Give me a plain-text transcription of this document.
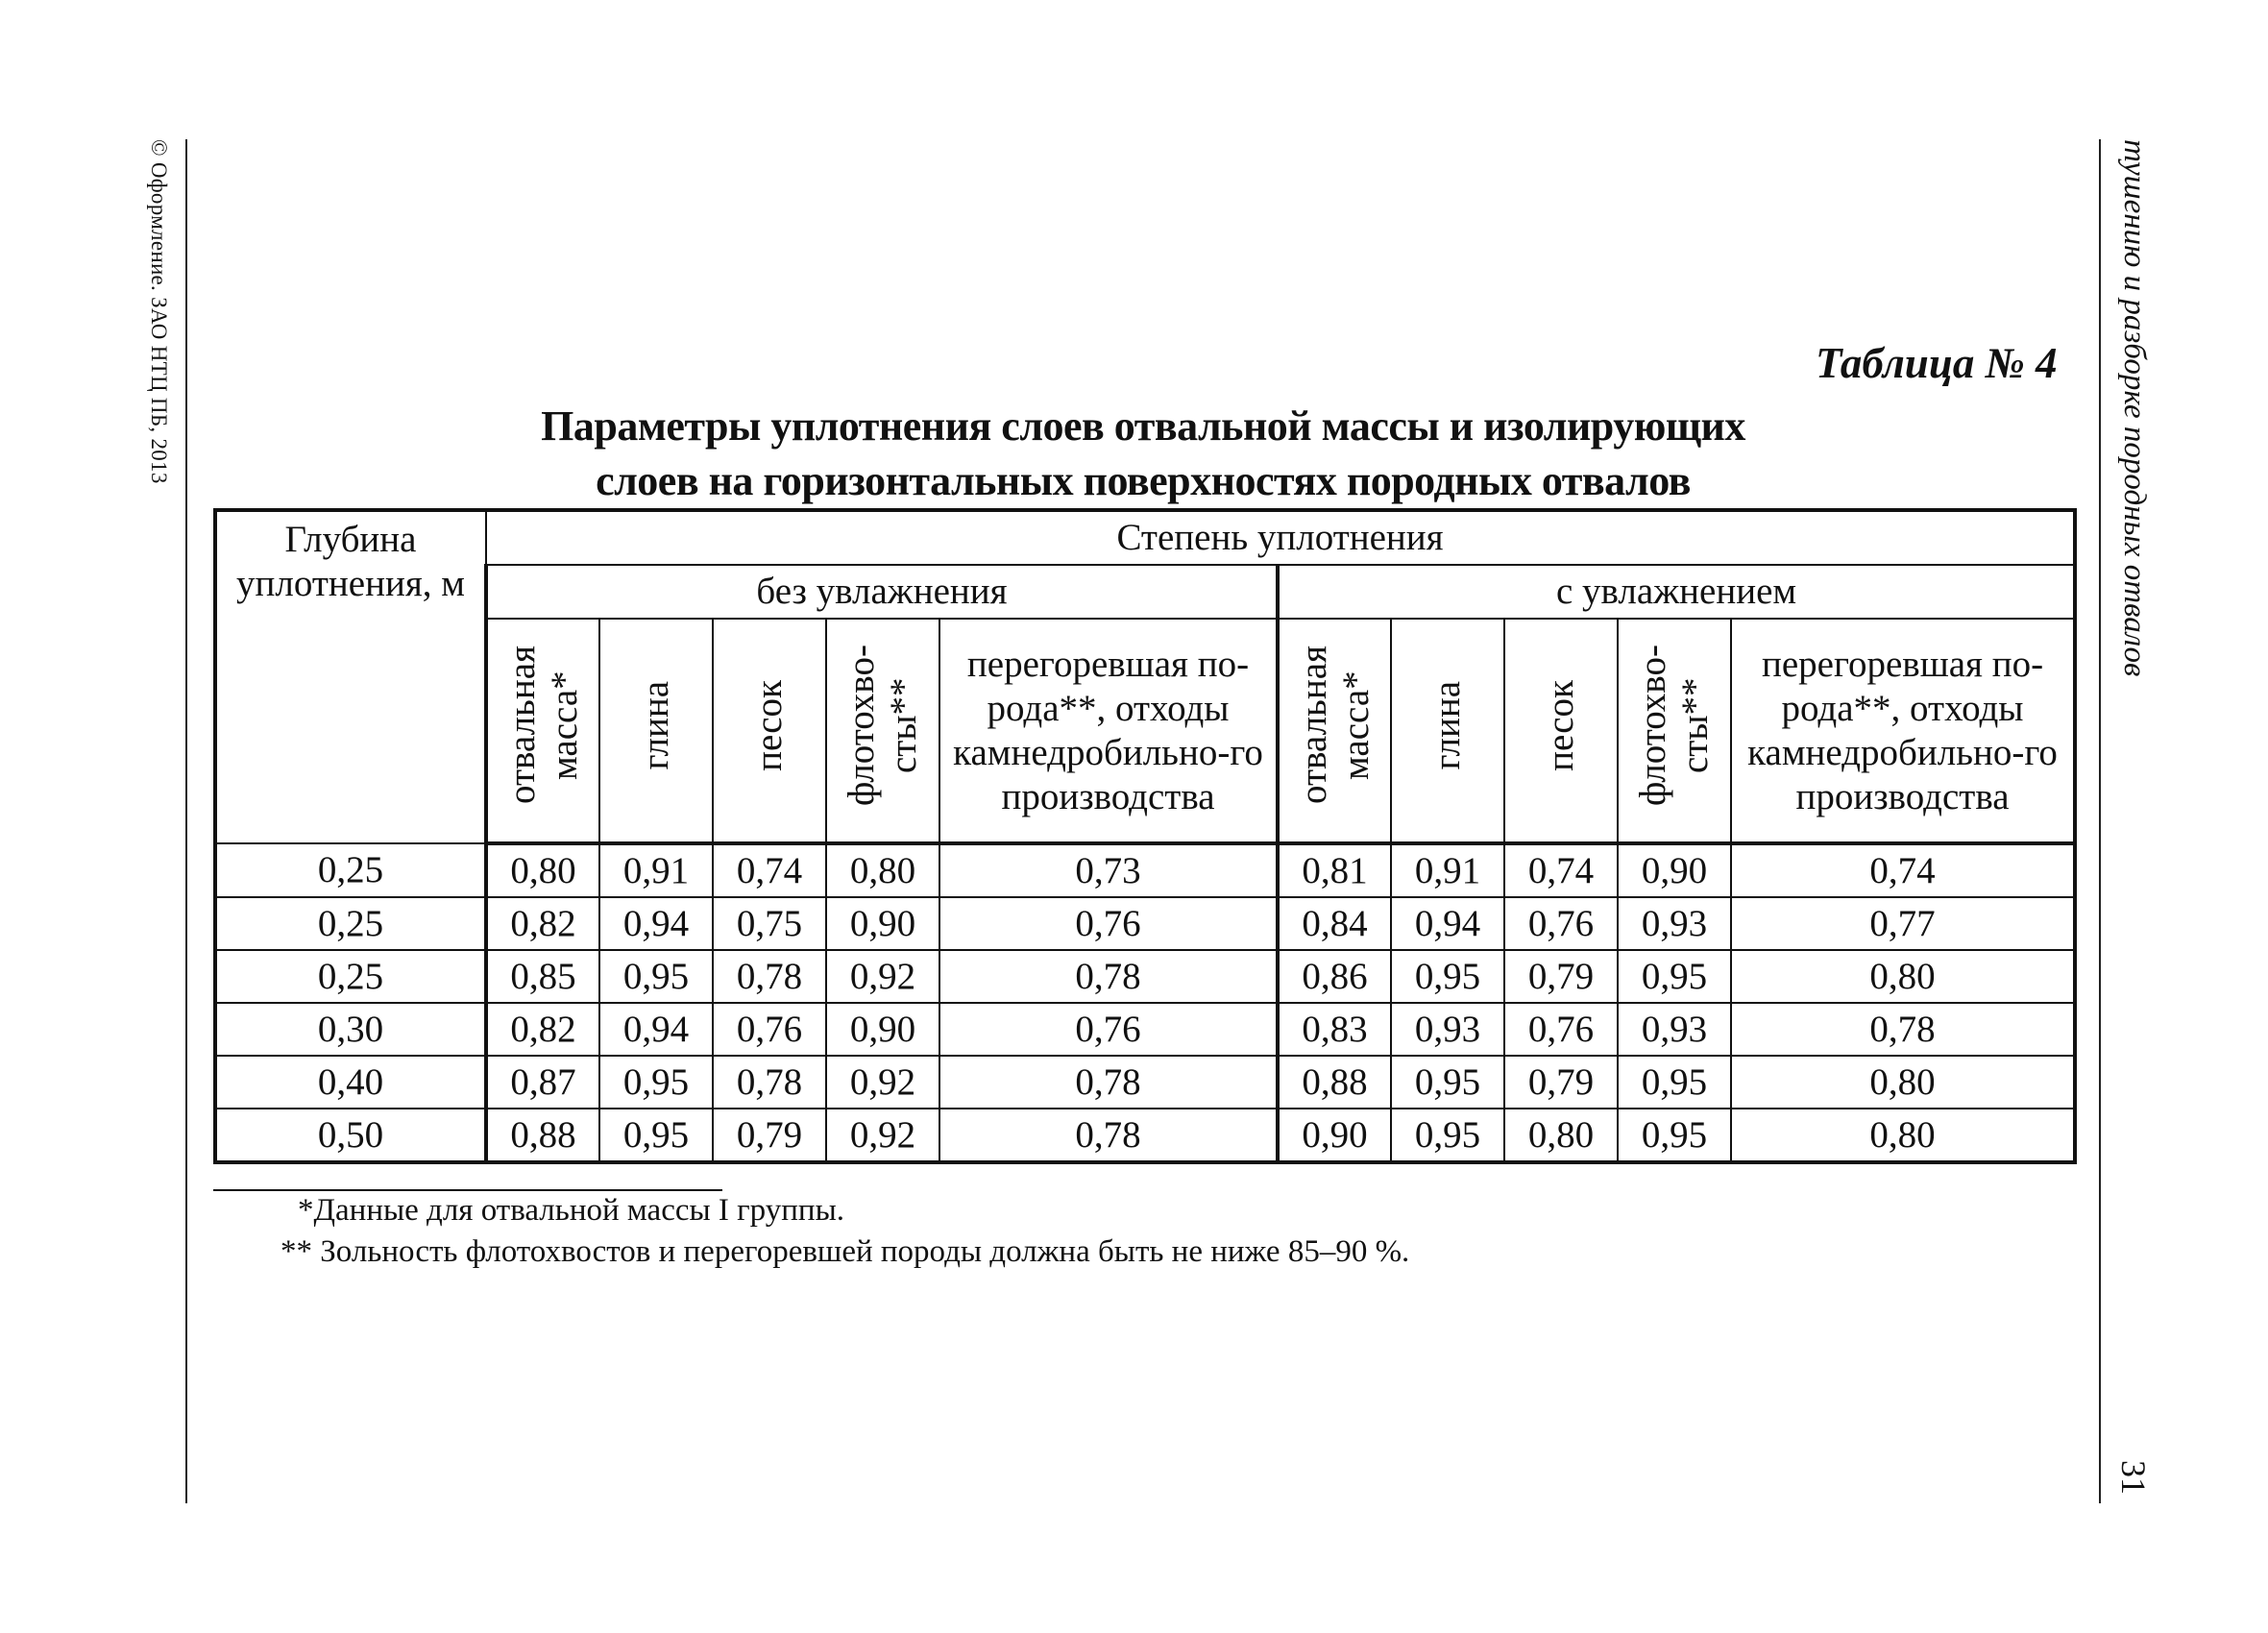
© Оформление. ЗАО НТЦ ПБ, 2013	тушению и разборке породных отвалов
31
Таблица № 4
Параметры уплотнения слоев отвальной массы и изолирующих
слоев на горизонтальных поверхностях породных отвалов
Глубина уплотнения, м	Степень уплотнения									
	без увлажнения					с увлажнением				
	отвальная масса*	глина	песок	флотохво-сты**	перегоревшая по-рода**, отходы камнедробильно-го производства	отвальная масса*	глина	песок	флотохво-сты**	перегоревшая по-рода**, отходы камнедробильно-го производства
0,25	0,80	0,91	0,74	0,80	0,73	0,81	0,91	0,74	0,90	0,74
0,25	0,82	0,94	0,75	0,90	0,76	0,84	0,94	0,76	0,93	0,77
0,25	0,85	0,95	0,78	0,92	0,78	0,86	0,95	0,79	0,95	0,80
0,30	0,82	0,94	0,76	0,90	0,76	0,83	0,93	0,76	0,93	0,78
0,40	0,87	0,95	0,78	0,92	0,78	0,88	0,95	0,79	0,95	0,80
0,50	0,88	0,95	0,79	0,92	0,78	0,90	0,95	0,80	0,95	0,80
*Данные для отвальной массы I группы.
** Зольность флотохвостов и перегоревшей породы должна быть не ниже 85–90 %.
